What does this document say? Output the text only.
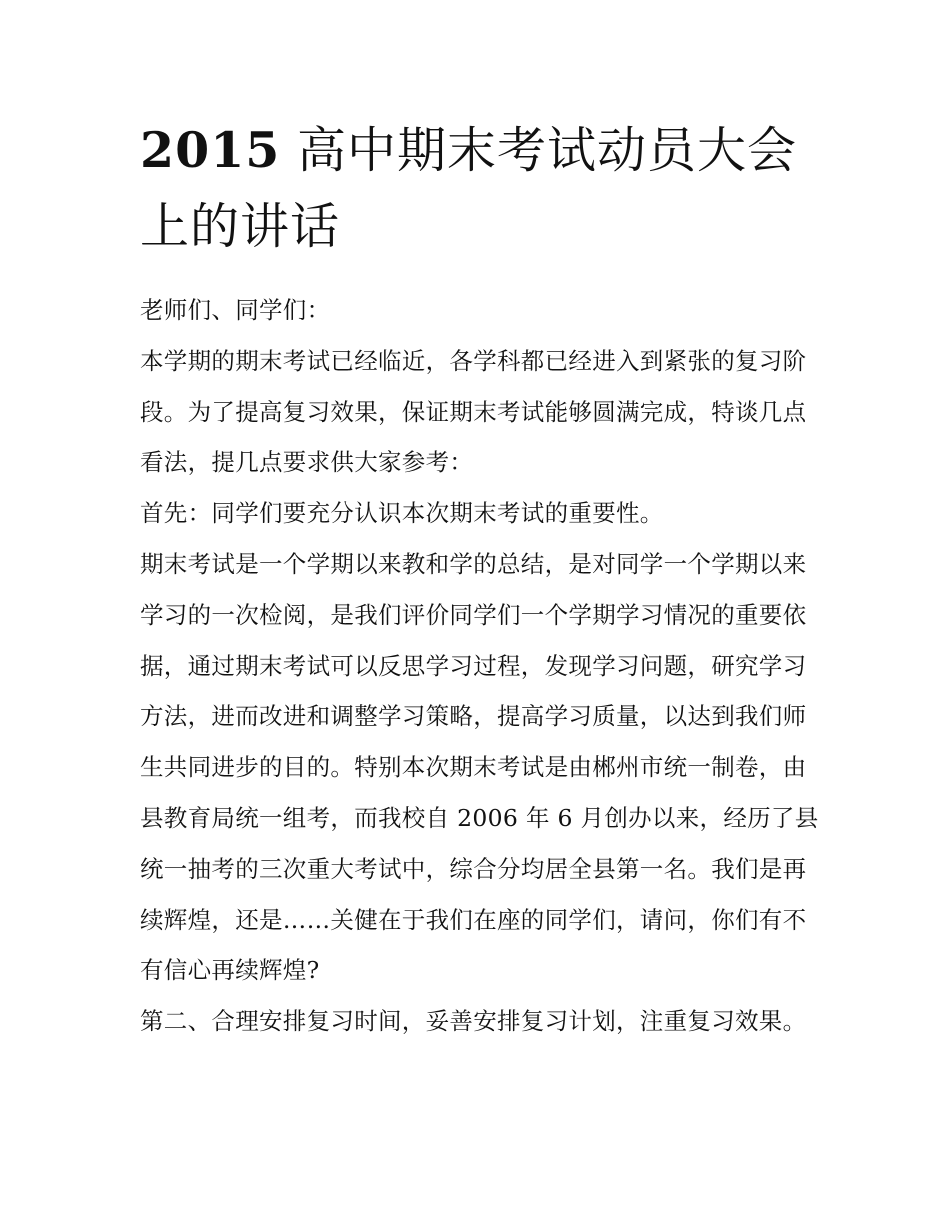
2015 高中期末考试动员大会上的讲话

老师们、同学们：

本学期的期末考试已经临近，各学科都已经进入到紧张的复习阶段。为了提高复习效果，保证期末考试能够圆满完成，特谈几点看法，提几点要求供大家参考：

首先：同学们要充分认识本次期末考试的重要性。

期末考试是一个学期以来教和学的总结，是对同学一个学期以来学习的一次检阅，是我们评价同学们一个学期学习情况的重要依据，通过期末考试可以反思学习过程，发现学习问题，研究学习方法，进而改进和调整学习策略，提高学习质量，以达到我们师生共同进步的目的。特别本次期末考试是由郴州市统一制卷，由县教育局统一组考，而我校自 2006 年 6 月创办以来，经历了县统一抽考的三次重大考试中，综合分均居全县第一名。我们是再续辉煌，还是……关健在于我们在座的同学们，请问，你们有不有信心再续辉煌?

第二、合理安排复习时间，妥善安排复习计划，注重复习效果。
